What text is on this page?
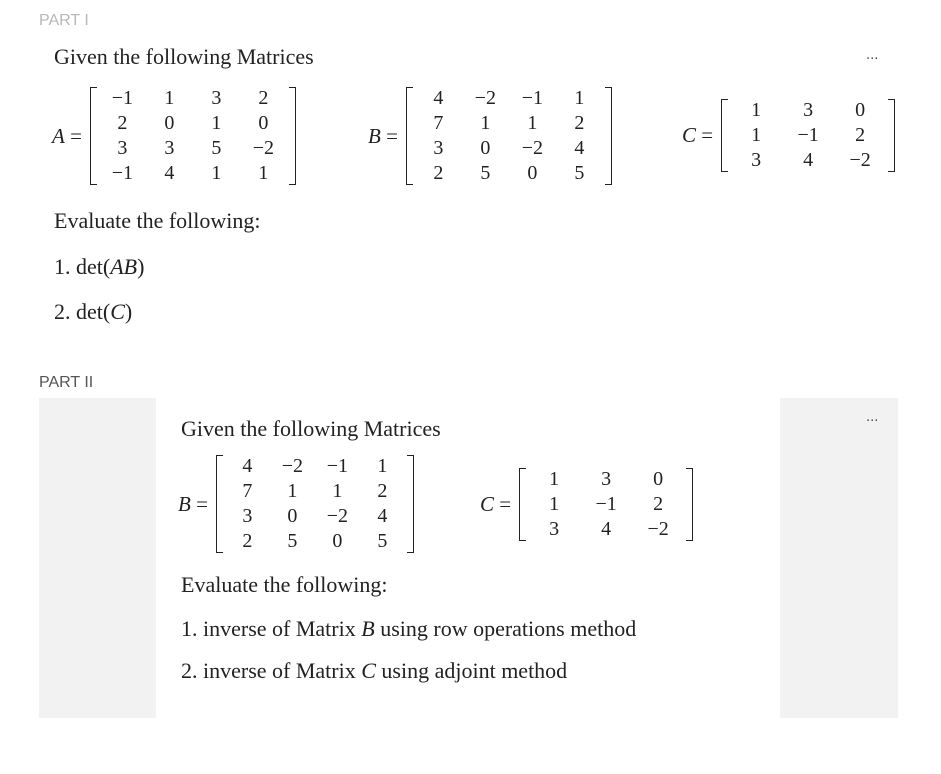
PART I
Given the following Matrices	···
A =
−1	1	3	2
2	0	1	0
3	3	5	−2
−1	4	1	1
B =
4	−2	−1	1
7	1	1	2
3	0	−2	4
2	5	0	5
C =
1	3	0
1	−1	2
3	4	−2
Evaluate the following:
1. det(AB)
2. det(C)
PART II
···
Given the following Matrices
B =
4	−2	−1	1
7	1	1	2
3	0	−2	4
2	5	0	5
C =
1	3	0
1	−1	2
3	4	−2
Evaluate the following:
1. inverse of Matrix B using row operations method
2. inverse of Matrix C using adjoint method
